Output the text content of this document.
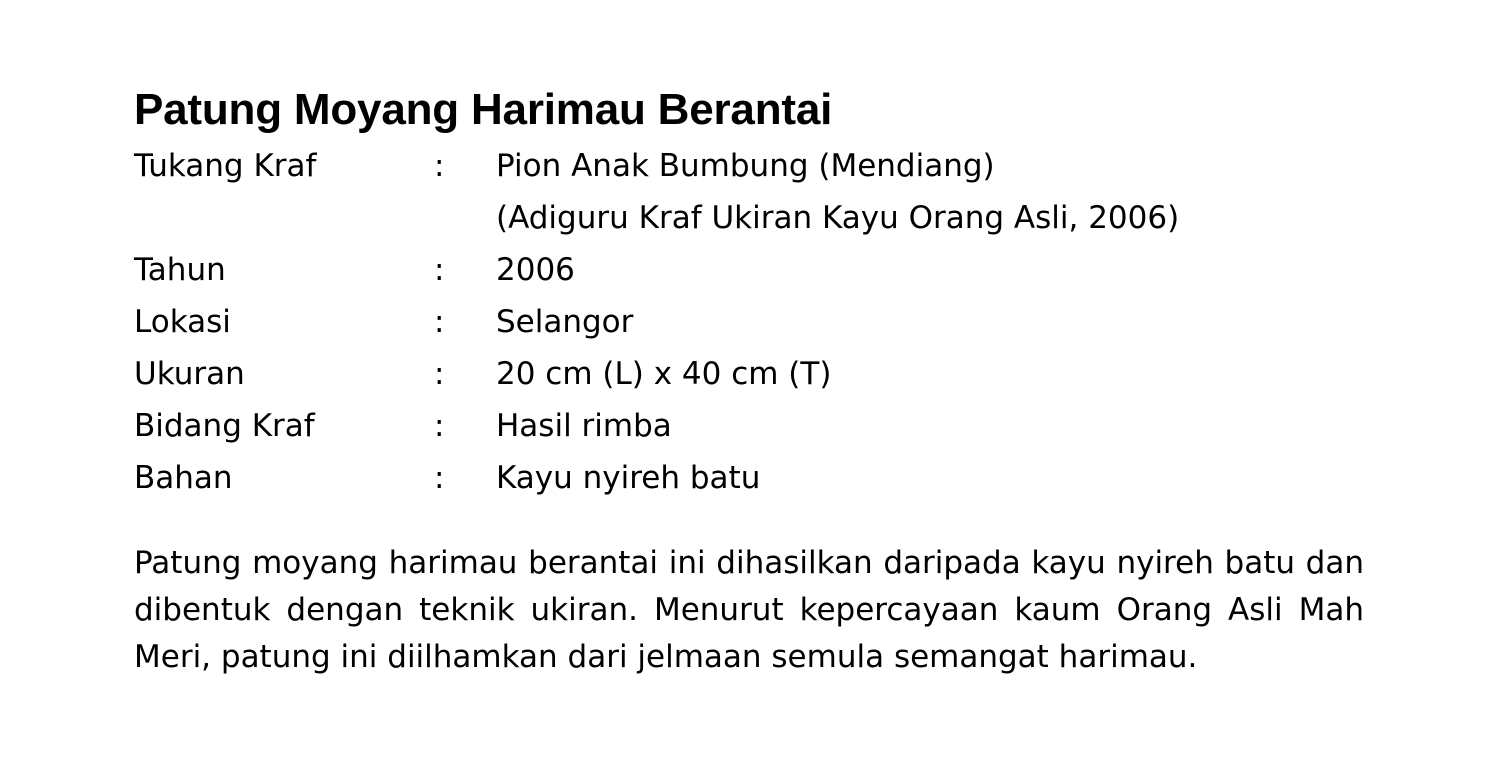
Patung Moyang Harimau Berantai
Tukang Kraf	:	Pion Anak Bumbung (Mendiang)
(Adiguru Kraf Ukiran Kayu Orang Asli, 2006)
Tahun	:	2006
Lokasi	:	Selangor
Ukuran	:	20 cm (L) x 40 cm (T)
Bidang Kraf	:	Hasil rimba
Bahan	:	Kayu nyireh batu

Patung moyang harimau berantai ini dihasilkan daripada kayu nyireh batu dan dibentuk dengan teknik ukiran. Menurut kepercayaan kaum Orang Asli Mah Meri, patung ini diilhamkan dari jelmaan semula semangat harimau.
